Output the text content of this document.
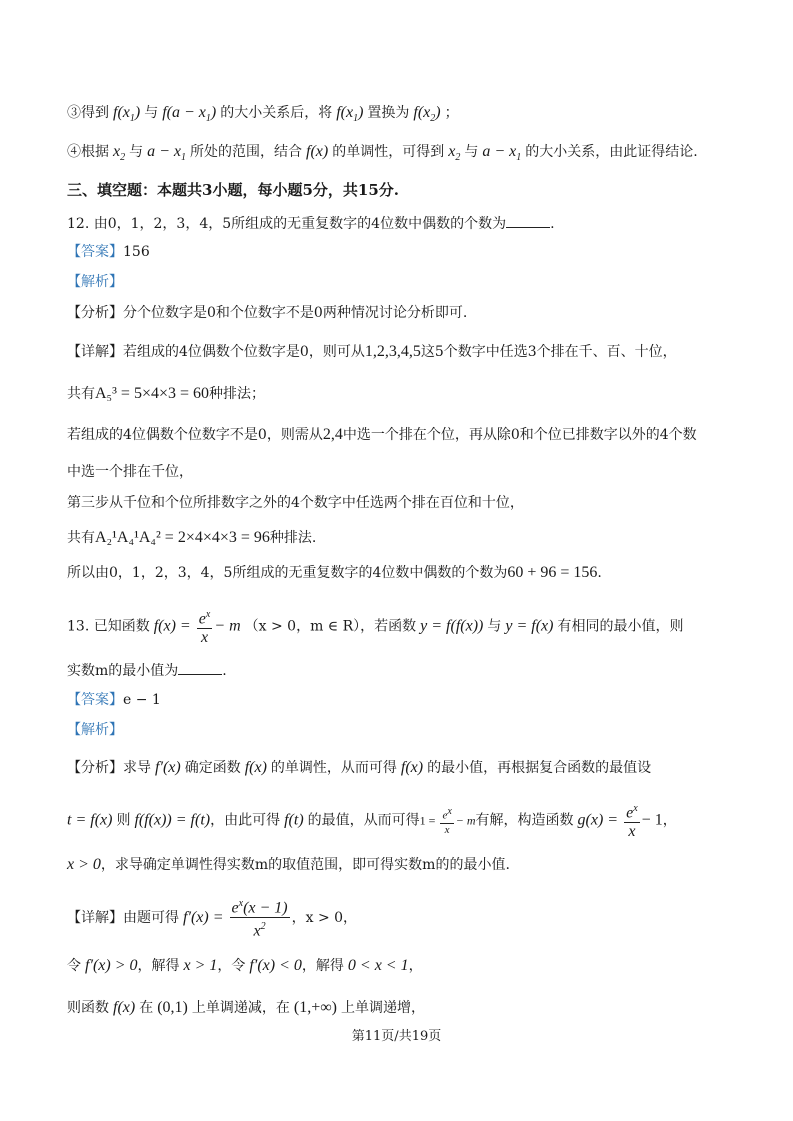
③得到 $f(x_1)$ 与 $f(a - x_1)$ 的大小关系后，将 $f(x_1)$ 置换为 $f(x_2)$ ；
④根据 $x_2$ 与 $a - x_1$ 所处的范围，结合 f(x) 的单调性，可得到 $x_2$ 与 $a - x_1$ 的大小关系，由此证得结论.
三、填空题：本题共3小题，每小题5分，共15分.
12. 由0，1，2，3，4，5所组成的无重复数字的4位数中偶数的个数为	.
【答案】156
【解析】
【分析】分个位数字是0和个位数字不是0两种情况讨论分析即可.
【详解】若组成的4位偶数个位数字是0，则可从1,2,3,4,5这5个数字中任选3个排在千、百、十位，
共有A₅³ = 5×4×3 = 60种排法；
若组成的4位偶数个位数字不是0，则需从2,4中选一个排在个位，再从除0和个位已排数字以外的4个数
中选一个排在千位，
第三步从千位和个位所排数字之外的4个数字中任选两个排在百位和十位，
共有A₂¹A₄¹A₄² = 2×4×4×3 = 96种排法.
所以由0，1，2，3，4，5所组成的无重复数字的4位数中偶数的个数为60 + 96 = 156.
13. 已知函数 $f(x) = \frac{e^x}{x} - m$ （x > 0，m ∈ R），若函数 y = f(f(x)) 与 y = f(x) 有相同的最小值，则
实数m的最小值为	.
【答案】e − 1
【解析】
【分析】求导 f′(x) 确定函数 f(x) 的单调性，从而可得 f(x) 的最小值，再根据复合函数的最值设
t = f(x) 则 f(f(x)) = f(t)，由此可得 f(t) 的最值，从而可得$1 = \frac{e^x}{x} - m$有解，构造函数 $g(x) = \frac{e^x}{x} - 1$，
x > 0，求导确定单调性得实数m的取值范围，即可得实数m的的最小值.
【详解】由题可得 $f'(x) = \frac{e^x(x - 1)}{x^2}$ ，x > 0，
令 f′(x) > 0，解得 x > 1，令 f′(x) < 0，解得 0 < x < 1，
则函数 f(x) 在 (0,1) 上单调递减，在 (1,+∞) 上单调递增，
第11页/共19页
